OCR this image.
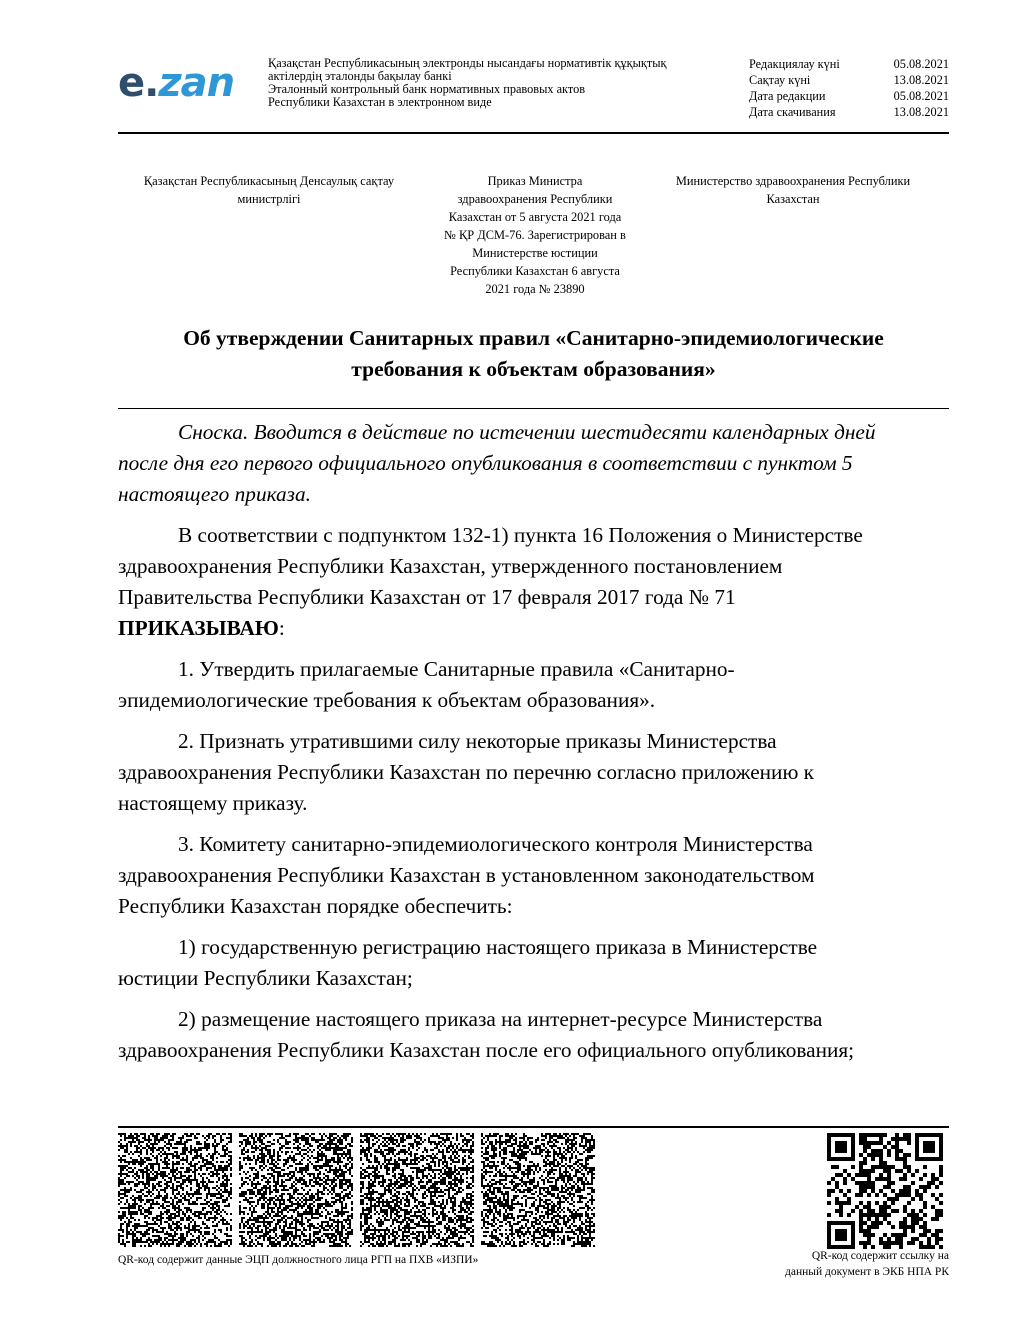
e.zan	Қазақстан Республикасының электронды нысандағы нормативтік құқықтық
актілердің эталонды бақылау банкі
Эталонный контрольный банк нормативных правовых актов
Республики Казахстан в электронном виде
Редакциялау күні	05.08.2021
Сақтау күні	13.08.2021
Дата редакции	05.08.2021
Дата скачивания	13.08.2021
Қазақстан Республикасының Денсаулық сақтау
министрлігі
Приказ Министра
здравоохранения Республики
Казахстан от 5 августа 2021 года
№ ҚР ДСМ-76. Зарегистрирован в
Министерстве юстиции
Республики Казахстан 6 августа
2021 года № 23890
Министерство здравоохранения Республики
Казахстан
Об утверждении Санитарных правил «Санитарно-эпидемиологические
требования к объектам образования»

Сноска. Вводится в действие по истечении шестидесяти календарных дней
после дня его первого официального опубликования в соответствии с пунктом 5
настоящего приказа.

В соответствии с подпунктом 132-1) пункта 16 Положения о Министерстве
здравоохранения Республики Казахстан, утвержденного постановлением
Правительства Республики Казахстан от 17 февраля 2017 года № 71
ПРИКАЗЫВАЮ:

1. Утвердить прилагаемые Санитарные правила «Санитарно-
эпидемиологические требования к объектам образования».

2. Признать утратившими силу некоторые приказы Министерства
здравоохранения Республики Казахстан по перечню согласно приложению к
настоящему приказу.

3. Комитету санитарно-эпидемиологического контроля Министерства
здравоохранения Республики Казахстан в установленном законодательством
Республики Казахстан порядке обеспечить:

1) государственную регистрацию настоящего приказа в Министерстве
юстиции Республики Казахстан;

2) размещение настоящего приказа на интернет-ресурсе Министерства
здравоохранения Республики Казахстан после его официального опубликования;

QR-код содержит данные ЭЦП должностного лица РГП на ПХВ «ИЗПИ»	QR-код содержит ссылку на
данный документ в ЭКБ НПА РК
